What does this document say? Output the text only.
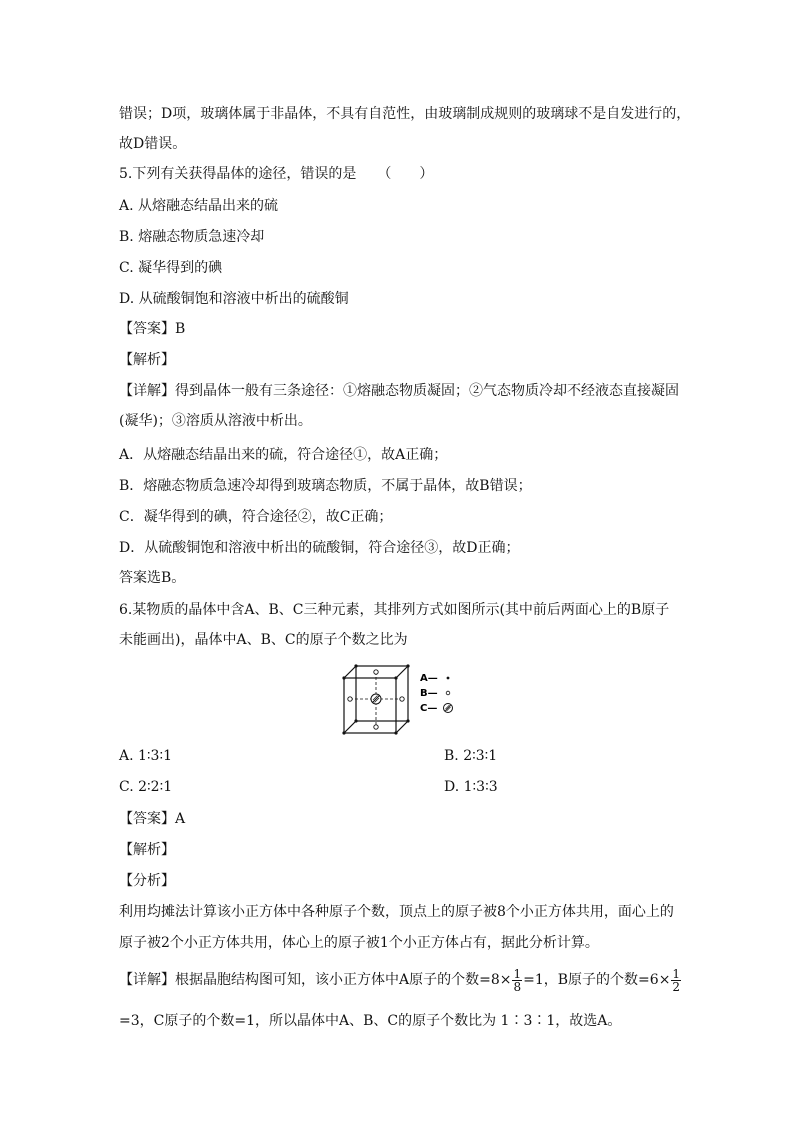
错误；D项，玻璃体属于非晶体，不具有自范性，由玻璃制成规则的玻璃球不是自发进行的，
故D错误。
5.下列有关获得晶体的途径，错误的是　　（　　）
A. 从熔融态结晶出来的硫
B. 熔融态物质急速冷却
C. 凝华得到的碘
D. 从硫酸铜饱和溶液中析出的硫酸铜
【答案】B
【解析】
【详解】得到晶体一般有三条途径：①熔融态物质凝固；②气态物质冷却不经液态直接凝固
(凝华)；③溶质从溶液中析出。
A．从熔融态结晶出来的硫，符合途径①，故A正确；
B．熔融态物质急速冷却得到玻璃态物质，不属于晶体，故B错误；
C．凝华得到的碘，符合途径②，故C正确；
D．从硫酸铜饱和溶液中析出的硫酸铜，符合途径③，故D正确；
答案选B。
6.某物质的晶体中含A、B、C三种元素，其排列方式如图所示(其中前后两面心上的B原子
未能画出)，晶体中A、B、C的原子个数之比为
A—
B—
C—
A. 1∶3∶1	B. 2∶3∶1
C. 2∶2∶1	D. 1∶3∶3
【答案】A
【解析】
【分析】
利用均摊法计算该小正方体中各种原子个数，顶点上的原子被8个小正方体共用，面心上的
原子被2个小正方体共用，体心上的原子被1个小正方体占有，据此分析计算。
【详解】根据晶胞结构图可知，该小正方体中A原子的个数$=8\times \frac{1}{8} =1$，B原子的个数$=6\times \frac{1}{2}$
=3，C原子的个数=1，所以晶体中A、B、C的原子个数比为 1∶3∶1，故选A。
